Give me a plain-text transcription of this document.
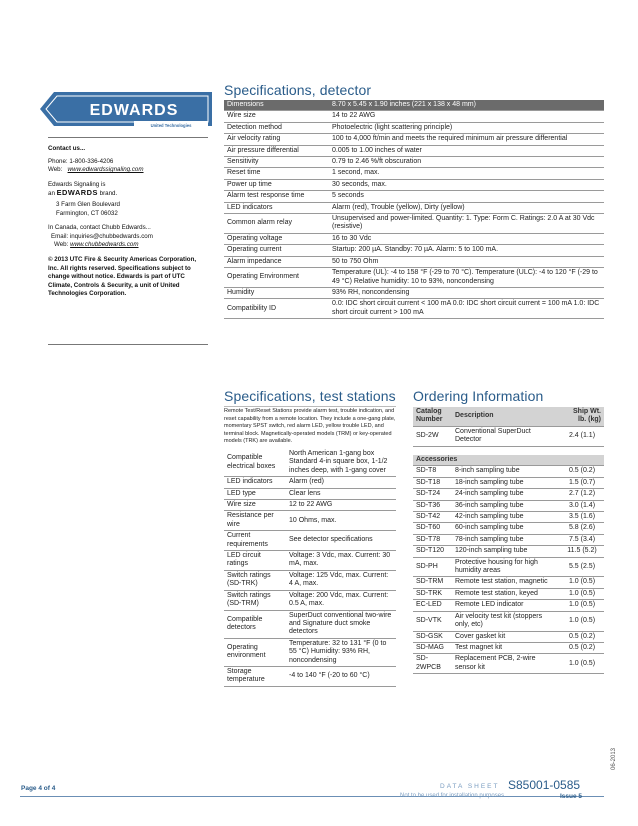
EDWARDS
United Technologies

Contact us...

Phone: 1-800-336-4206
Web: www.edwardssignaling.com

Edwards Signaling is
an EDWARDS brand.

3 Farm Glen Boulevard
Farmington, CT 06032

In Canada, contact Chubb Edwards...
Email: inquiries@chubbedwards.com
Web: www.chubbedwards.com

© 2013 UTC Fire & Security Americas Corporation, Inc. All rights reserved. Specifications subject to change without notice. Edwards is part of UTC Climate, Controls & Security, a unit of United Technologies Corporation.

Specifications, detector
Dimensions	8.70 x 5.45 x 1.90 inches (221 x 138 x 48 mm)
Wire size	14 to 22 AWG
Detection method	Photoelectric (light scattering principle)
Air velocity rating	100 to 4,000 ft/min and meets the required minimum air pressure differential
Air pressure differential	0.005 to 1.00 inches of water
Sensitivity	0.79 to 2.46 %/ft obscuration
Reset time	1 second, max.
Power up time	30 seconds, max.
Alarm test response time	5 seconds
LED indicators	Alarm (red), Trouble (yellow), Dirty (yellow)
Common alarm relay	Unsupervised and power-limited. Quantity: 1. Type: Form C. Ratings: 2.0 A at 30 Vdc (resistive)
Operating voltage	16 to 30 Vdc
Operating current	Startup: 200 µA. Standby: 70 µA. Alarm: 5 to 100 mA.
Alarm impedance	50 to 750 Ohm
Operating Environment	Temperature (UL): -4 to 158 °F (-29 to 70 °C). Temperature (ULC): -4 to 120 °F (-29 to 49 °C) Relative humidity: 10 to 93%, noncondensing
Humidity	93% RH, noncondensing
Compatibility ID	0.0: IDC short circuit current < 100 mA 0.0: IDC short circuit current = 100 mA 1.0: IDC short circuit current > 100 mA
Specifications, test stations
Remote Test/Reset Stations provide alarm test, trouble indication, and reset capability from a remote location. They include a one-gang plate, momentary SPST switch, red alarm LED, yellow trouble LED, and terminal block. Magnetically-operated models (TRM) or key-operated models (TRK) are available.
Compatible electrical boxes	North American 1-gang box Standard 4-in square box, 1-1/2 inches deep, with 1-gang cover
LED indicators	Alarm (red)
LED type	Clear lens
Wire size	12 to 22 AWG
Resistance per wire	10 Ohms, max.
Current requirements	See detector specifications
LED circuit ratings	Voltage: 3 Vdc, max. Current: 30 mA, max.
Switch ratings (SD-TRK)	Voltage: 125 Vdc, max. Current: 4 A, max.
Switch ratings (SD-TRM)	Voltage: 200 Vdc, max. Current: 0.5 A, max.
Compatible detectors	SuperDuct conventional two-wire and Signature duct smoke detectors
Operating environment	Temperature: 32 to 131 °F (0 to 55 °C) Humidity: 93% RH, noncondensing
Storage temperature	-4 to 140 °F (-20 to 60 °C)
Ordering Information
Catalog Number	Description	Ship Wt. lb. (kg)
SD-2W	Conventional SuperDuct Detector	2.4 (1.1)
Accessories		
SD-T8	8-inch sampling tube	0.5 (0.2)
SD-T18	18-inch sampling tube	1.5 (0.7)
SD-T24	24-inch sampling tube	2.7 (1.2)
SD-T36	36-inch sampling tube	3.0 (1.4)
SD-T42	42-inch sampling tube	3.5 (1.6)
SD-T60	60-inch sampling tube	5.8 (2.6)
SD-T78	78-inch sampling tube	7.5 (3.4)
SD-T120	120-inch sampling tube	11.5 (5.2)
SD-PH	Protective housing for high humidity areas	5.5 (2.5)
SD-TRM	Remote test station, magnetic	1.0 (0.5)
SD-TRK	Remote test station, keyed	1.0 (0.5)
EC-LED	Remote LED indicator	1.0 (0.5)
SD-VTK	Air velocity test kit (stoppers only, etc)	1.0 (0.5)
SD-GSK	Cover gasket kit	0.5 (0.2)
SD-MAG	Test magnet kit	0.5 (0.2)
SD-2WPCB	Replacement PCB, 2-wire sensor kit	1.0 (0.5)
Page 4 of 4	DATA SHEET S85001-0585
Not to be used for installation purposes.	Issue 5
06-2013
